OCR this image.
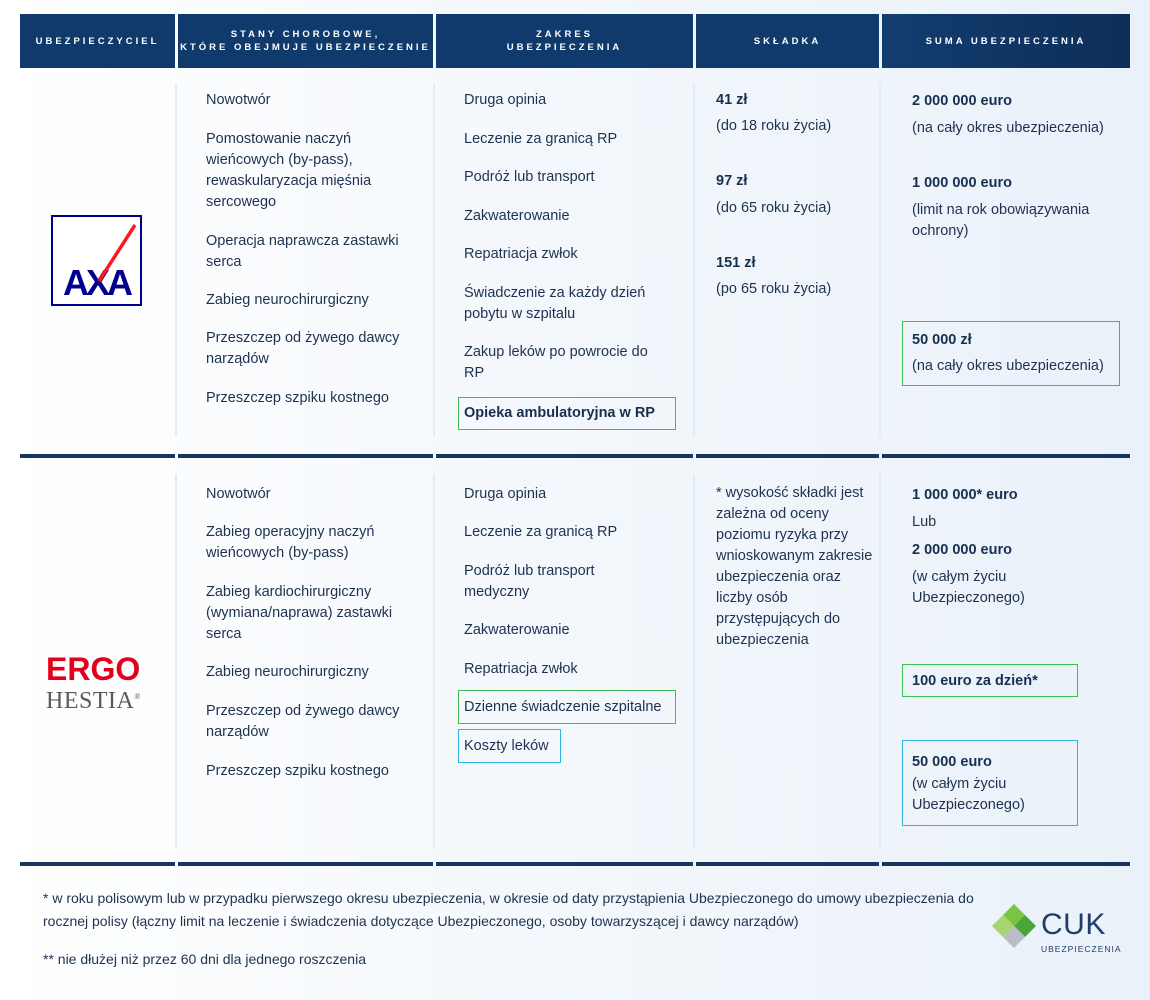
UBEZPIECZYCIEL
STANY CHOROBOWE,
KTÓRE OBEJMUJE UBEZPIECZENIE
ZAKRES
UBEZPIECZENIA
SKŁADKA	SUMA UBEZPIECZENIA
AXA
Nowotwór
Pomostowanie naczyń wieńcowych (by-pass), rewaskularyzacja mięśnia sercowego
Operacja naprawcza zastawki serca
Zabieg neurochirurgiczny
Przeszczep od żywego dawcy narządów
Przeszczep szpiku kostnego
Druga opinia
Leczenie za granicą RP
Podróż lub transport
Zakwaterowanie
Repatriacja zwłok
Świadczenie za każdy dzień pobytu w szpitalu
Zakup leków po powrocie do RP
Opieka ambulatoryjna w RP
41 zł
(do 18 roku życia)
97 zł
(do 65 roku życia)
151 zł
(po 65 roku życia)
2 000 000 euro
(na cały okres ubezpieczenia)
1 000 000 euro
(limit na rok obowiązywania ochrony)
50 000 zł
(na cały okres ubezpieczenia)
ERGO
HESTIA®
Nowotwór
Zabieg operacyjny naczyń wieńcowych (by-pass)
Zabieg kardiochirurgiczny (wymiana/naprawa) zastawki serca
Zabieg neurochirurgiczny
Przeszczep od żywego dawcy narządów
Przeszczep szpiku kostnego
Druga opinia
Leczenie za granicą RP
Podróż lub transport medyczny
Zakwaterowanie
Repatriacja zwłok
Dzienne świadczenie szpitalne
Koszty leków
* wysokość składki jest zależna od oceny poziomu ryzyka przy wnioskowanym zakresie ubezpieczenia oraz liczby osób przystępujących do ubezpieczenia
1 000 000* euro
Lub
2 000 000 euro
(w całym życiu Ubezpieczonego)
100 euro za dzień*
50 000 euro
(w całym życiu Ubezpieczonego)
* w roku polisowym lub w przypadku pierwszego okresu ubezpieczenia, w okresie od daty przystąpienia Ubezpieczonego do umowy ubezpieczenia do rocznej polisy (łączny limit na leczenie i świadczenia dotyczące Ubezpieczonego, osoby towarzyszącej i dawcy narządów)
** nie dłużej niż przez 60 dni dla jednego roszczenia
CUK
UBEZPIECZENIA
